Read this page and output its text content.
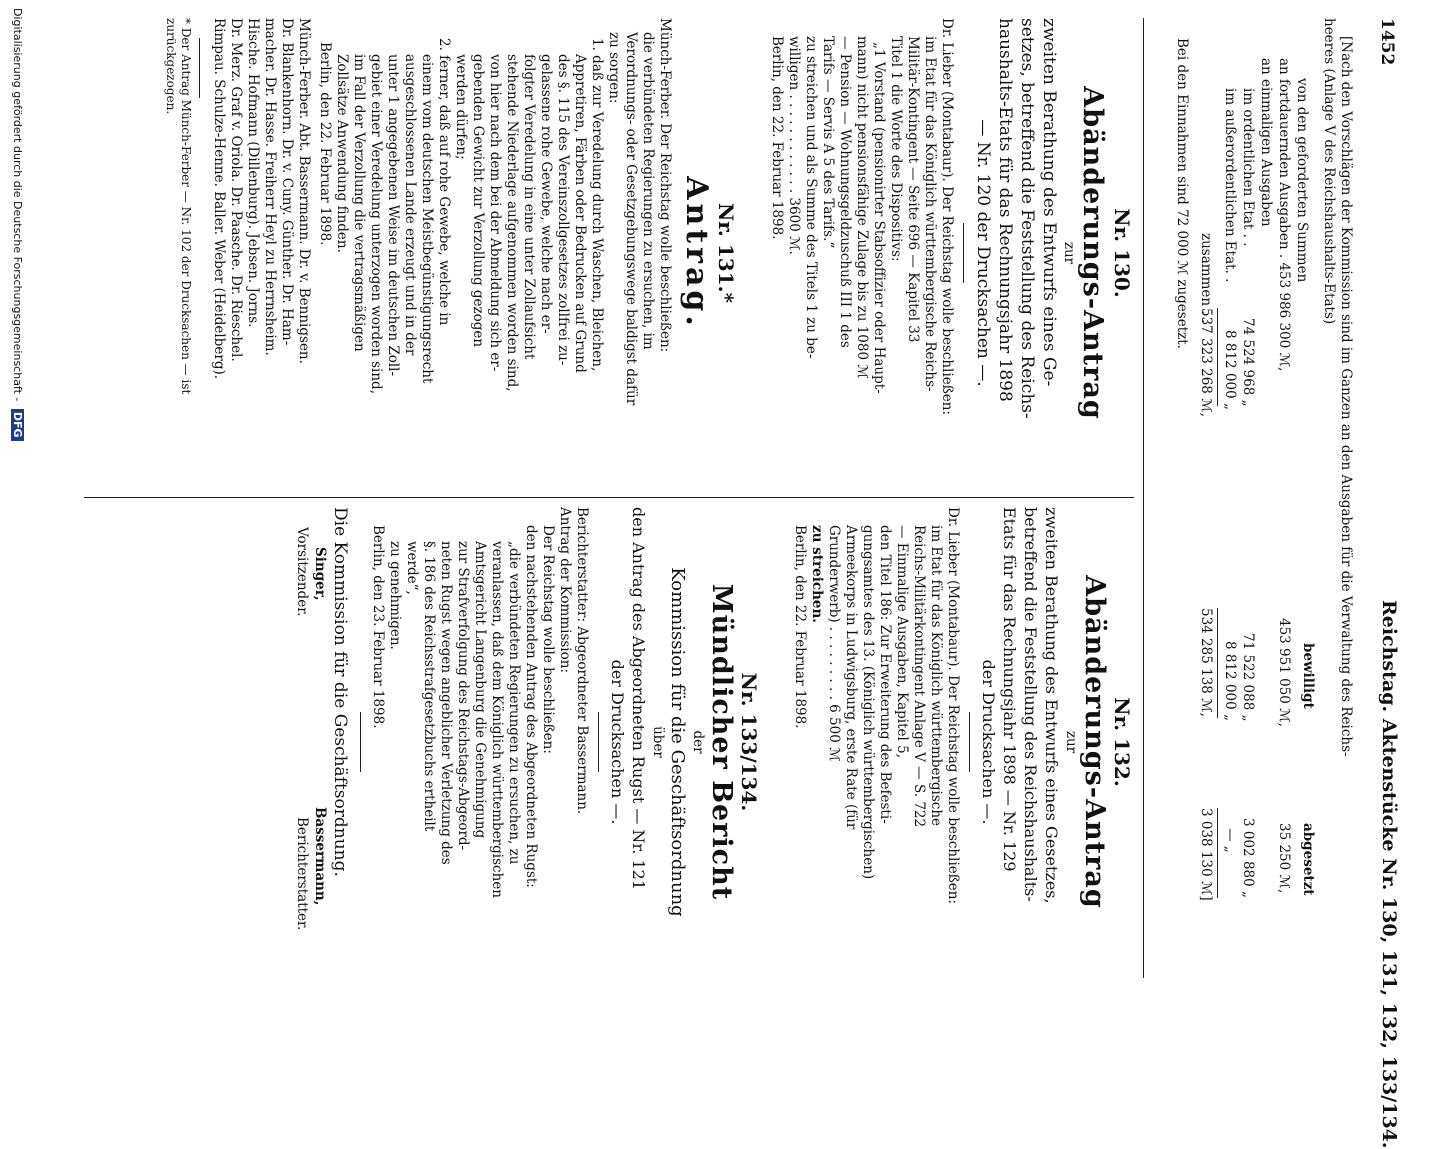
1452
Reichstag. Aktenstücke Nr. 130, 131, 132, 133/134.
[Nach den Vorschlägen der Kommission sind im Ganzen an den Ausgaben für die Verwaltung des Reichs-
heeres (Anlage V des Reichshaushalts-Etats)
bewilligt
abgesetzt
von den geforderten Summen
an fortdauernden Ausgaben . 453 986 300 ℳ,
453 951 050 ℳ,
35 250 ℳ,
an einmaligen Ausgaben
im ordentlichen Etat . .
74 524 968 „
71 522 088 „
3 002 880 „
im außerordentlichen Etat. .
8 812 000 „
8 812 000 „
— „
zusammen . .
537 323 268 ℳ,
534 285 138 ℳ,
3 038 130 ℳ]
Bei den Einnahmen sind 72 000 ℳ zugesetzt.
Nr. 130.
Abänderungs-Antrag
zur
zweiten Berathung des Entwurfs eines Ge-
setzes, betreffend die Feststellung des Reichs-
haushalts-Etats für das Rechnungsjahr 1898
— Nr. 120 der Drucksachen —.
Dr. Lieber (Montabaur). Der Reichstag wolle beschließen:
im Etat für das Königlich württembergische Reichs-
Militär-Kontingent — Seite 696 — Kapitel 33
Titel 1 die Worte des Dispositivs:
„1 Vorstand (pensionirter Stabsoffizier oder Haupt-
mann) nicht pensionsfähige Zulage bis zu 1080 ℳ
— Pension — Wohnungsgeldzuschuß III 1 des
Tarifs — Servis A 5 des Tarifs.“
zu streichen und als Summe des Titels 1 zu be-
willigen . . . . . . . . . . . . 3600 ℳ.
Berlin, den 22. Februar 1898.
Nr. 131.*
Antrag.
Münch-Ferber. Der Reichstag wolle beschließen:
die verbündeten Regierungen zu ersuchen, im
Verordnungs- oder Gesetzgebungswege baldigst dafür
zu sorgen:
1. daß zur Veredelung durch Waschen, Bleichen,
Appretiren, Färben oder Bedrucken auf Grund
des §. 115 des Vereinszollgesetzes zollfrei zu-
gelassene rohe Gewebe, welche nach er-
folgter Veredelung in eine unter Zollaufsicht
stehende Niederlage aufgenommen worden sind,
von hier nach dem bei der Abmeldung sich er-
gebenden Gewicht zur Verzollung gezogen
werden dürfen;
2. ferner, daß auf rohe Gewebe, welche in
einem vom deutschen Meistbegünstigungsrecht
ausgeschlossenen Lande erzeugt und in der
unter 1 angegebenen Weise im deutschen Zoll-
gebiet einer Veredelung unterzogen worden sind,
im Fall der Verzollung die vertragsmäßigen
Zollsätze Anwendung finden.
Berlin, den 22. Februar 1898.
Münch-Ferber. Abt. Bassermann. Dr. v. Bennigsen.
Dr. Blankenhorn. Dr. v. Cuny. Günther. Dr. Ham-
macher. Dr. Hasse. Freiherr Heyl zu Herrnsheim.
Hische. Hofmann (Dillenburg). Jebsen. Jorns.
Dr. Merz. Graf v. Oriola. Dr. Paasche. Dr. Rieschel.
Rimpau. Schulze-Henne. Baller. Weber (Heidelberg).
* Der Antrag Münch-Ferber — Nr. 102 der Drucksachen — ist zurückgezogen.
Nr. 132.
Abänderungs-Antrag
zur
zweiten Berathung des Entwurfs eines Gesetzes,
betreffend die Feststellung des Reichshaushalts-
Etats für das Rechnungsjahr 1898 — Nr. 129
der Drucksachen —.
Dr. Lieber (Montabaur). Der Reichstag wolle beschließen:
im Etat für das Königlich württembergische
Reichs-Militärkontingent Anlage V — S. 722
— Einmalige Ausgaben, Kapitel 5,
den Titel 186: Zur Erweiterung des Befesti-
gungsamtes des 13. (Königlich württembergischen)
Armeekorps in Ludwigsburg, erste Rate (für
Grunderwerb) . . . . . . . . . 6 500 ℳ
zu streichen.
Berlin, den 22. Februar 1898.
Nr. 133/134.
Mündlicher Bericht
der
Kommission für die Geschäftsordnung
über
den Antrag des Abgeordneten Rugst — Nr. 121
der Drucksachen —.
Berichterstatter: Abgeordneter Bassermann.
Antrag der Kommission:
Der Reichstag wolle beschließen:
den nachstehenden Antrag des Abgeordneten Rugst:
„die verbündeten Regierungen zu ersuchen, zu
veranlassen, daß dem Königlich württembergischen
Amtsgericht Langenburg die Genehmigung
zur Strafverfolgung des Reichstags-Abgeord-
neten Rugst wegen angeblicher Verletzung des
§. 186 des Reichsstrafgesetzbuchs ertheilt
werde“,
zu genehmigen.
Berlin, den 23. Februar 1898.
Die Kommission für die Geschäftsordnung.
Singer,
Vorsitzender.
Bassermann,
Berichterstatter.
Digitalisierung gefördert durch die Deutsche Forschungsgemeinschaft - DFG
